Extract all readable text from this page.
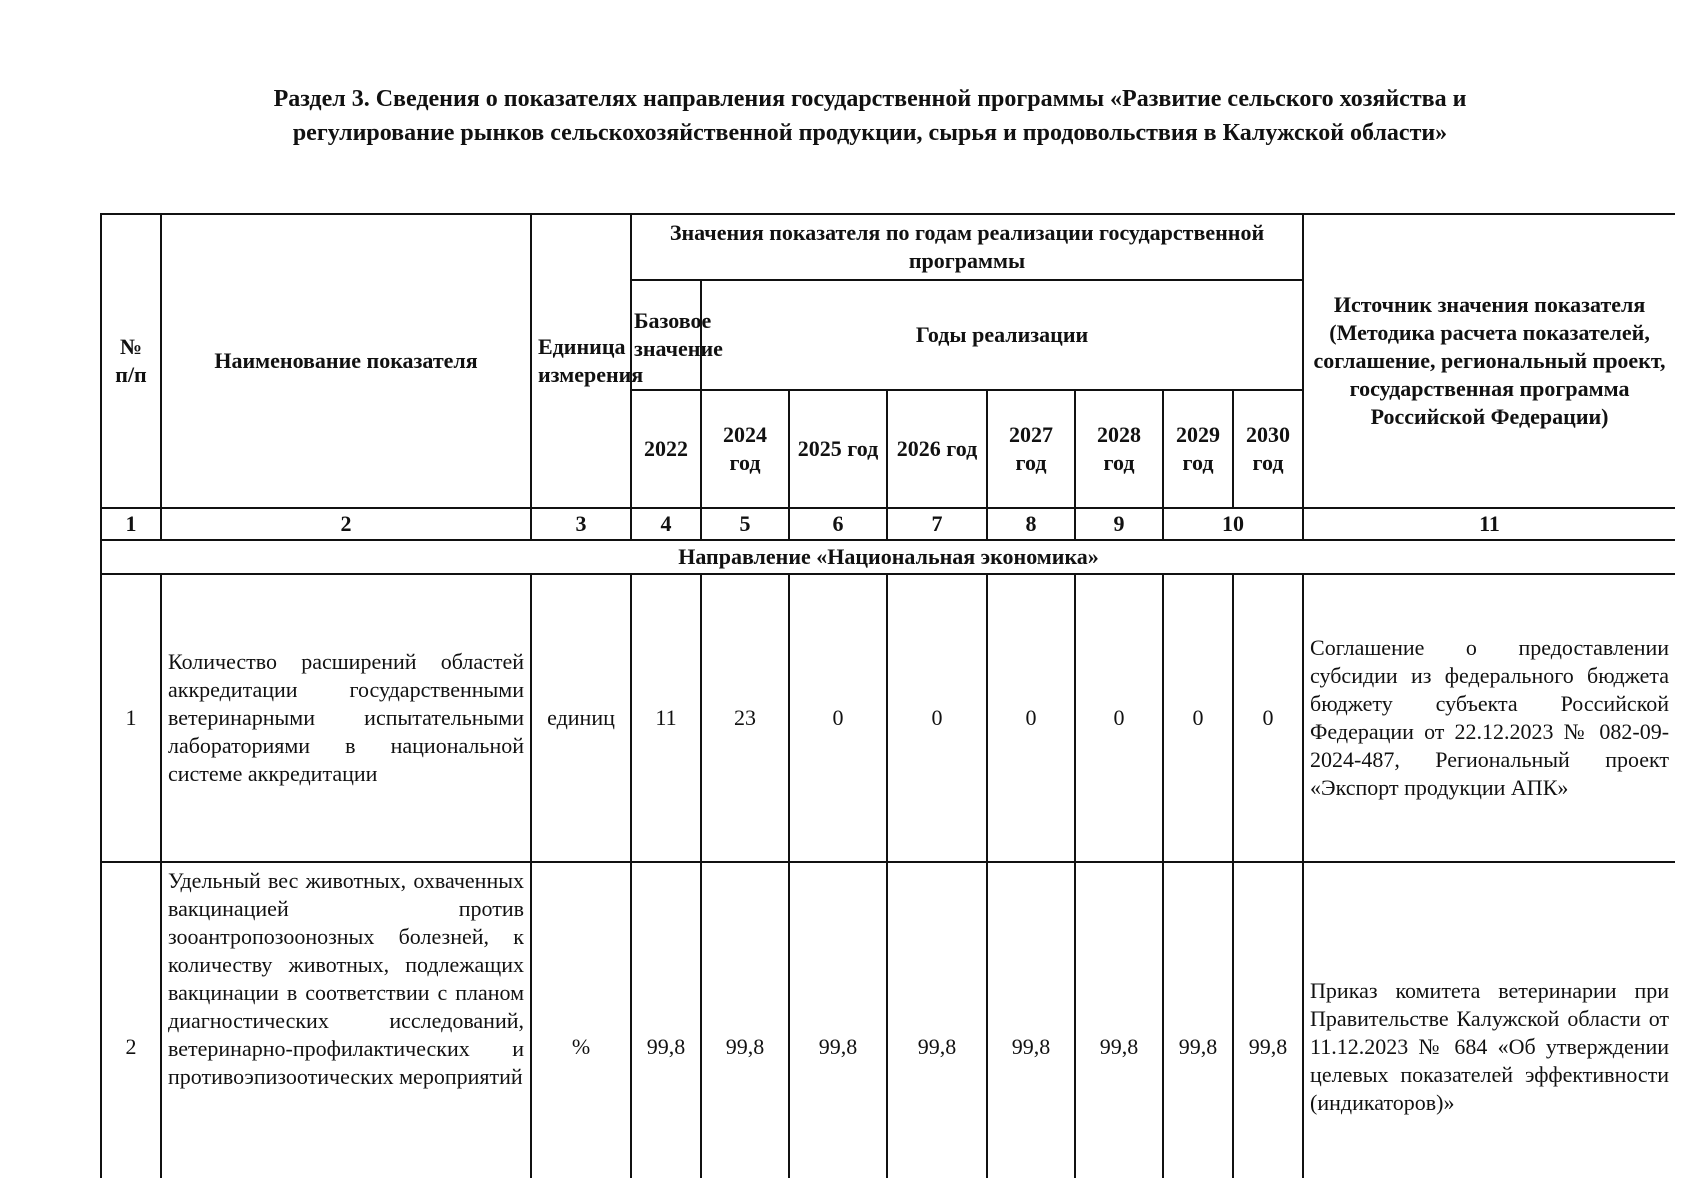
Раздел 3. Сведения о показателях направления государственной программы «Развитие сельского хозяйства и
регулирование рынков сельскохозяйственной продукции, сырья и продовольствия в Калужской области»
№ п/п	Наименование показателя	Единица измерения	Значения показателя по годам реализации государственной программы								Источник значения показателя (Методика расчета показателей, соглашение, региональный проект, государственная программа Российской Федерации)
			Базовое значение	Годы реализации							
			2022	2024 год	2025 год	2026 год	2027 год	2028 год	2029 год	2030 год	
1	2	3	4	5	6	7	8	9	10		11
Направление «Национальная экономика»											
1	Количество расширений областей аккредитации государственными ветеринарными испытательными лабораториями в национальной системе аккредитации	единиц	11	23	0	0	0	0	0	0	Соглашение о предоставлении субсидии из федерального бюджета бюджету субъекта Российской Федерации от 22.12.2023 № 082-09-2024-487, Региональный проект «Экспорт продукции АПК»
2	Удельный вес животных, охваченных вакцинацией против зооантропозоонозных болезней, к количеству животных, подлежащих вакцинации в соответствии с планом диагностических исследований, ветеринарно-профилактических и противоэпизоотических мероприятий	%	99,8	99,8	99,8	99,8	99,8	99,8	99,8	99,8	Приказ комитета ветеринарии при Правительстве Калужской области от 11.12.2023 № 684 «Об утверждении целевых показателей эффективности (индикаторов)»
